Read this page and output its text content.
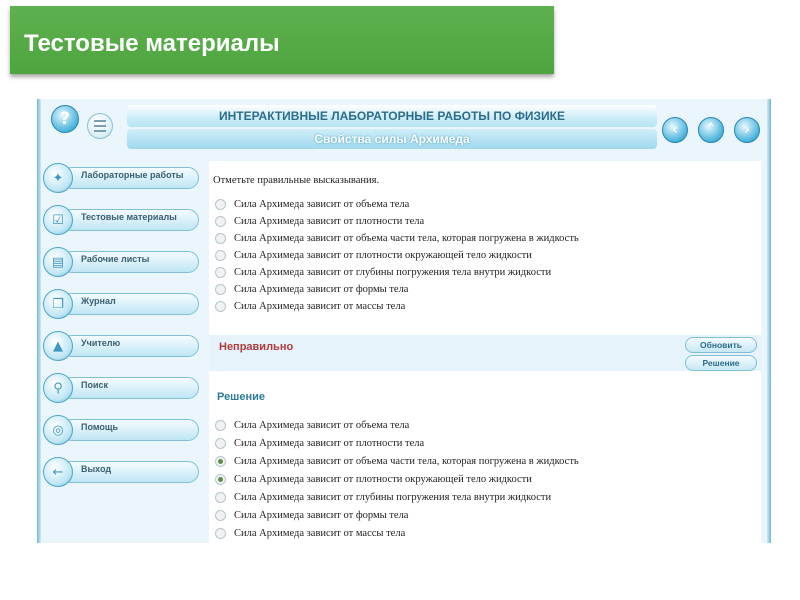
Тестовые материалы
?	ИНТЕРАКТИВНЫЕ ЛАБОРАТОРНЫЕ РАБОТЫ ПО ФИЗИКЕ
Свойства силы Архимеда
‹ ˄ ›
✦	Лабораторные работы
☑	Тестовые материалы
▤	Рабочие листы
❐	Журнал
▲	Учителю
⚲	Поиск
◎	Помощь
←	Выход
Отметьте правильные высказывания.
Сила Архимеда зависит от объема тела
Сила Архимеда зависит от плотности тела
Сила Архимеда зависит от объема части тела, которая погружена в жидкость
Сила Архимеда зависит от плотности окружающей тело жидкости
Сила Архимеда зависит от глубины погружения тела внутри жидкости
Сила Архимеда зависит от формы тела
Сила Архимеда зависит от массы тела
Неправильно	Обновить
Решение
Решение
Сила Архимеда зависит от объема тела
Сила Архимеда зависит от плотности тела
Сила Архимеда зависит от объема части тела, которая погружена в жидкость
Сила Архимеда зависит от плотности окружающей тело жидкости
Сила Архимеда зависит от глубины погружения тела внутри жидкости
Сила Архимеда зависит от формы тела
Сила Архимеда зависит от массы тела
